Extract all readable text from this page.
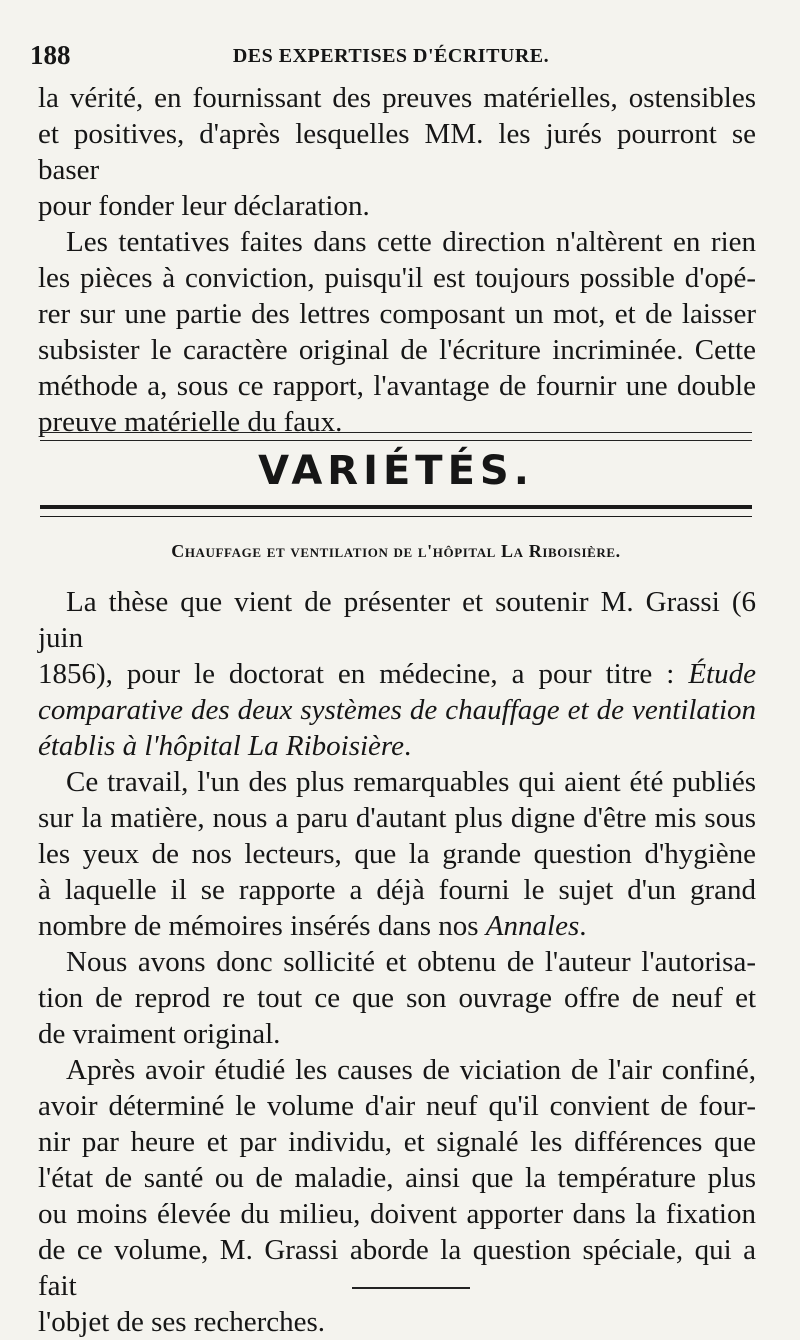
188	DES EXPERTISES D'ÉCRITURE.

la vérité, en fournissant des preuves matérielles, ostensibles

et positives, d'après lesquelles MM. les jurés pourront se baser

pour fonder leur déclaration.

Les tentatives faites dans cette direction n'altèrent en rien

les pièces à conviction, puisqu'il est toujours possible d'opé-

rer sur une partie des lettres composant un mot, et de laisser

subsister le caractère original de l'écriture incriminée. Cette

méthode a, sous ce rapport, l'avantage de fournir une double

preuve matérielle du faux.

VARIÉTÉS.
Chauffage et ventilation de l'hôpital La Riboisière.

La thèse que vient de présenter et soutenir M. Grassi (6 juin

1856), pour le doctorat en médecine, a pour titre : Étude

comparative des deux systèmes de chauffage et de ventilation

établis à l'hôpital La Riboisière.

Ce travail, l'un des plus remarquables qui aient été publiés

sur la matière, nous a paru d'autant plus digne d'être mis sous

les yeux de nos lecteurs, que la grande question d'hygiène

à laquelle il se rapporte a déjà fourni le sujet d'un grand

nombre de mémoires insérés dans nos Annales.

Nous avons donc sollicité et obtenu de l'auteur l'autorisa-

tion de reprod re tout ce que son ouvrage offre de neuf et

de vraiment original.

Après avoir étudié les causes de viciation de l'air confiné,

avoir déterminé le volume d'air neuf qu'il convient de four-

nir par heure et par individu, et signalé les différences que

l'état de santé ou de maladie, ainsi que la température plus

ou moins élevée du milieu, doivent apporter dans la fixation

de ce volume, M. Grassi aborde la question spéciale, qui a fait

l'objet de ses recherches.
